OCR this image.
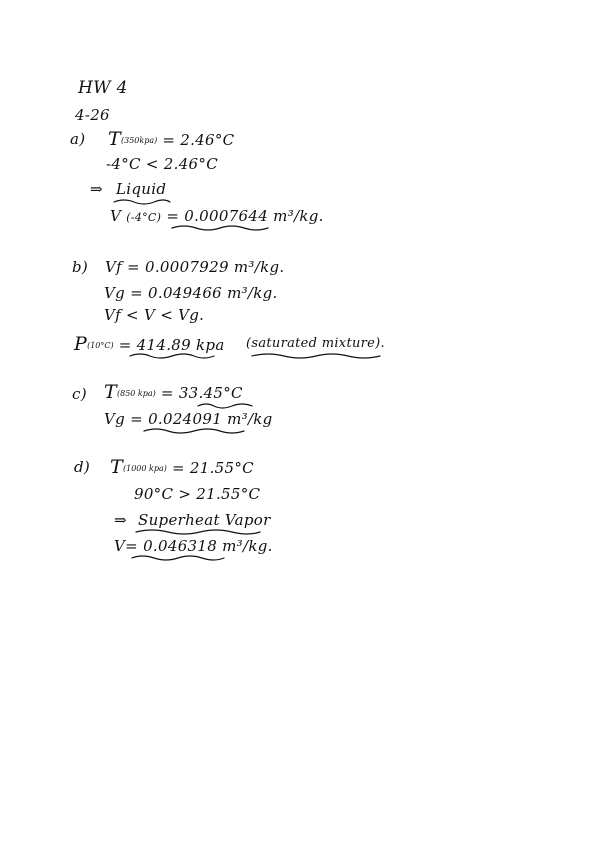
HW 4
4-26
a) T(350kpa) = 2.46°C
-4°C < 2.46°C
⇒ Liquid
V (-4°C) = 0.0007644 m³/kg.
b) Vf = 0.0007929 m³/kg.
Vg = 0.049466 m³/kg.
Vf < V < Vg.
P(10°C) = 414.89 kpa (saturated mixture).
c) T(850 kpa) = 33.45°C
Vg = 0.024091 m³/kg
d) T(1000 kpa) = 21.55°C
90°C > 21.55°C
⇒ Superheat Vapor
V= 0.046318 m³/kg.
